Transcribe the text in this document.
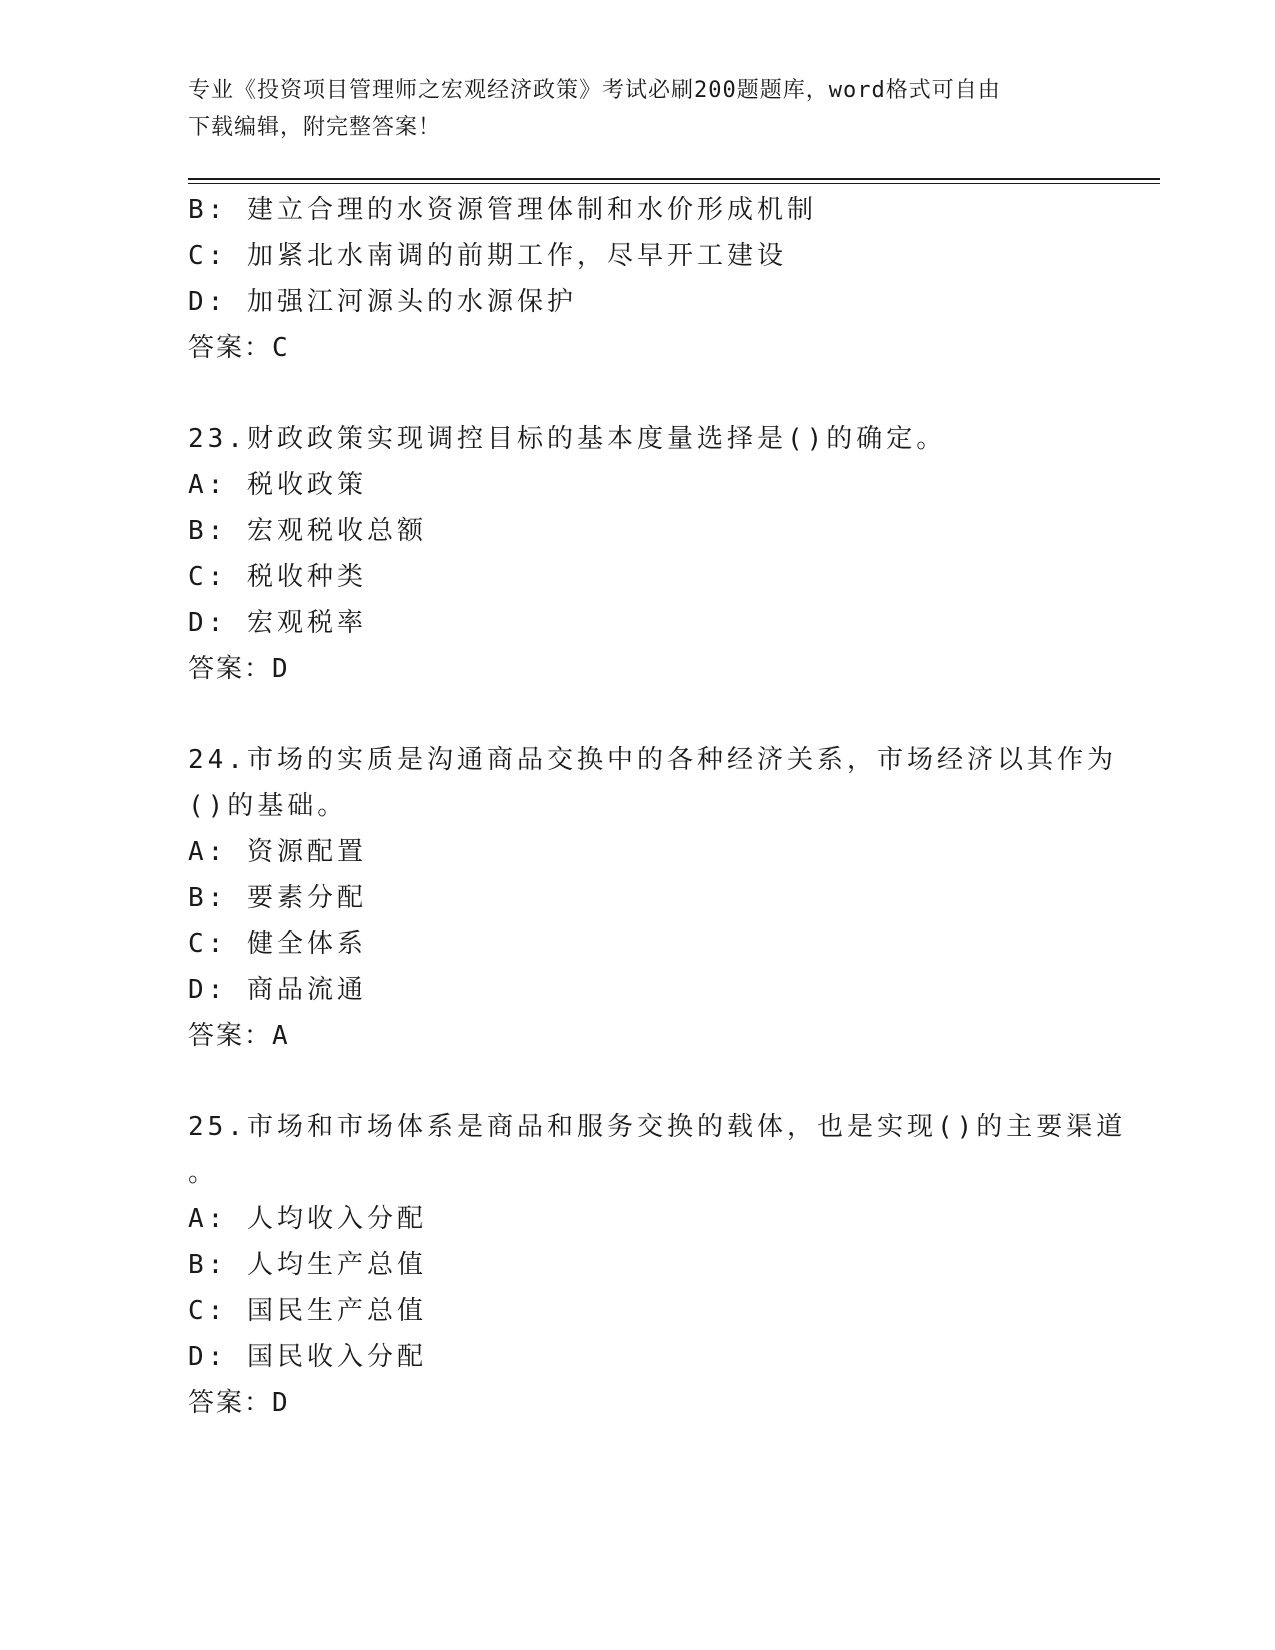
专业《投资项目管理师之宏观经济政策》考试必刷200题题库，word格式可自由
下载编辑，附完整答案！
B: 建立合理的水资源管理体制和水价形成机制
C: 加紧北水南调的前期工作，尽早开工建设
D: 加强江河源头的水源保护
答案：C
23.财政政策实现调控目标的基本度量选择是()的确定。
A: 税收政策
B: 宏观税收总额
C: 税收种类
D: 宏观税率
答案：D
24.市场的实质是沟通商品交换中的各种经济关系，市场经济以其作为
()的基础。
A: 资源配置
B: 要素分配
C: 健全体系
D: 商品流通
答案：A
25.市场和市场体系是商品和服务交换的载体，也是实现()的主要渠道
。
A: 人均收入分配
B: 人均生产总值
C: 国民生产总值
D: 国民收入分配
答案：D
